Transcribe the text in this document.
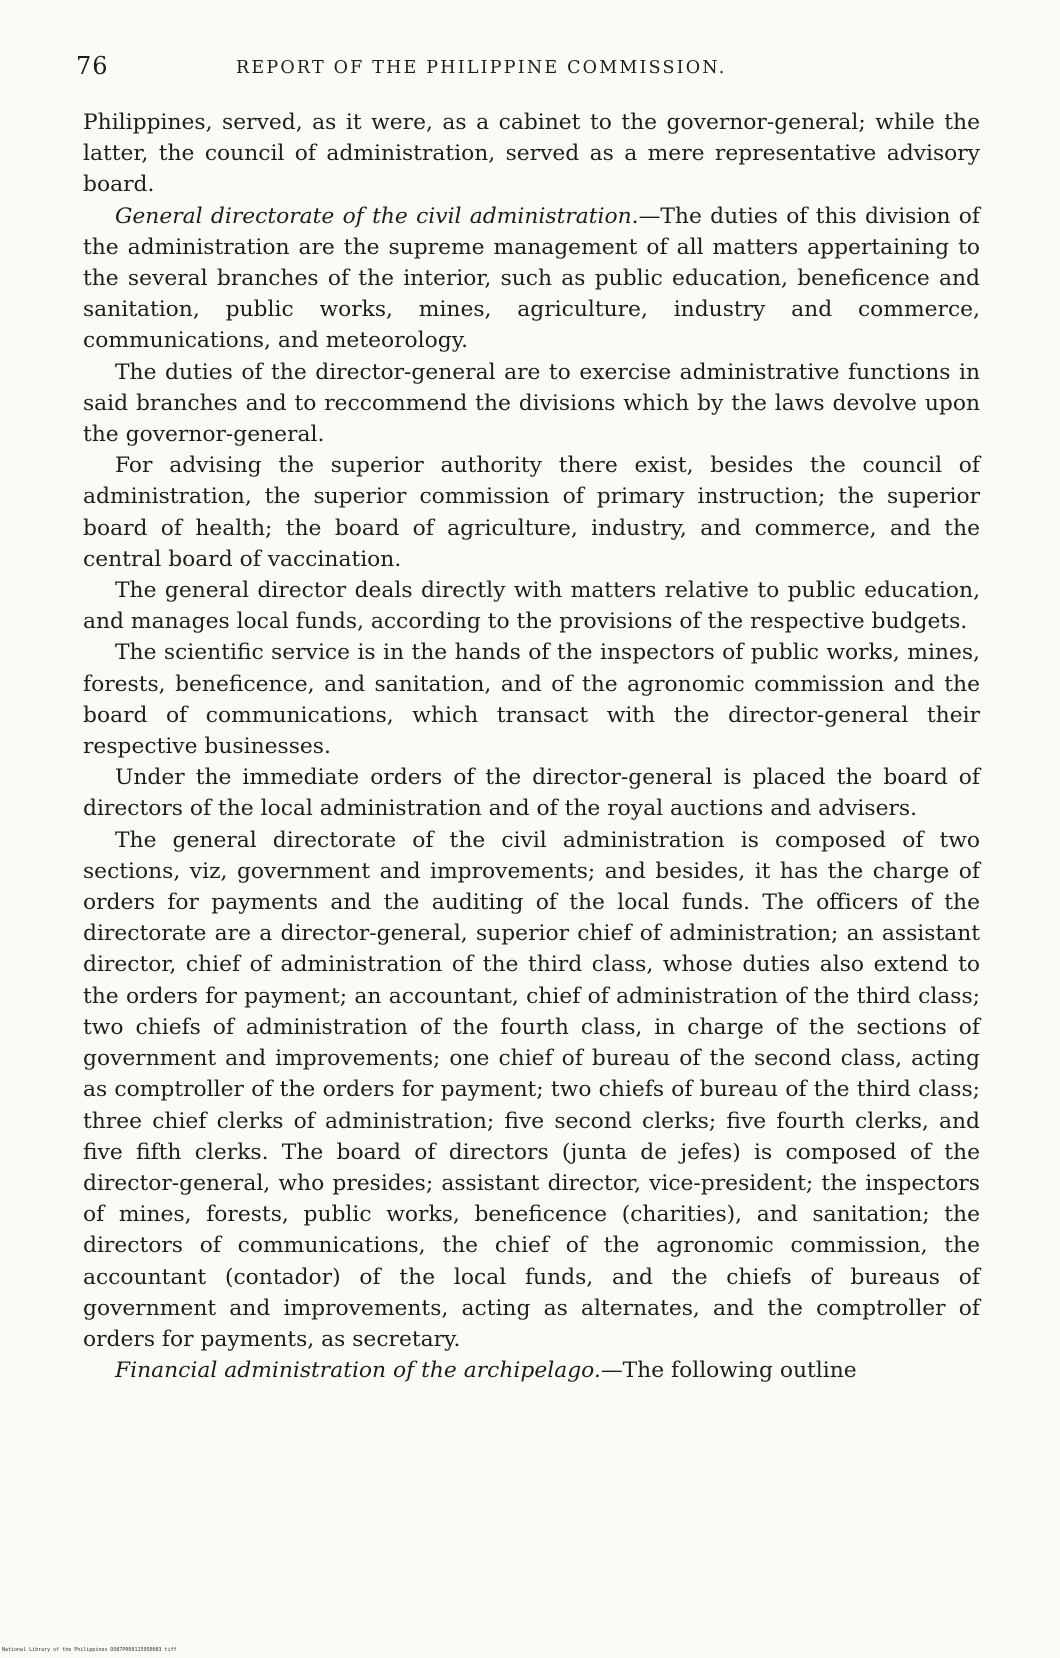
76	REPORT OF THE PHILIPPINE COMMISSION.

Philippines, served, as it were, as a cabinet to the governor-general; while the latter, the council of administration, served as a mere representative advisory board.

General directorate of the civil administration.—The duties of this division of the administration are the supreme management of all matters appertaining to the several branches of the interior, such as public education, beneficence and sanitation, public works, mines, agriculture, industry and commerce, communications, and meteorology.

The duties of the director-general are to exercise administrative functions in said branches and to reccommend the divisions which by the laws devolve upon the governor-general.

For advising the superior authority there exist, besides the council of administration, the superior commission of primary instruction; the superior board of health; the board of agriculture, industry, and commerce, and the central board of vaccination.

The general director deals directly with matters relative to public education, and manages local funds, according to the provisions of the respective budgets.

The scientific service is in the hands of the inspectors of public works, mines, forests, beneficence, and sanitation, and of the agronomic commission and the board of communications, which transact with the director-general their respective businesses.

Under the immediate orders of the director-general is placed the board of directors of the local administration and of the royal auctions and advisers.

The general directorate of the civil administration is composed of two sections, viz, government and improvements; and besides, it has the charge of orders for payments and the auditing of the local funds. The officers of the directorate are a director-general, superior chief of administration; an assistant director, chief of administration of the third class, whose duties also extend to the orders for payment; an accountant, chief of administration of the third class; two chiefs of administration of the fourth class, in charge of the sections of government and improvements; one chief of bureau of the second class, acting as comptroller of the orders for payment; two chiefs of bureau of the third class; three chief clerks of administration; five second clerks; five fourth clerks, and five fifth clerks. The board of directors (junta de jefes) is composed of the director-general, who presides; assistant director, vice-president; the inspectors of mines, forests, public works, beneficence (charities), and sanitation; the directors of communications, the chief of the agronomic commission, the accountant (contador) of the local funds, and the chiefs of bureaus of government and improvements, acting as alternates, and the comptroller of orders for payments, as secretary.

Financial administration of the archipelago.—The following outline

National Library of the Philippines DO87P000115950083 tiff
